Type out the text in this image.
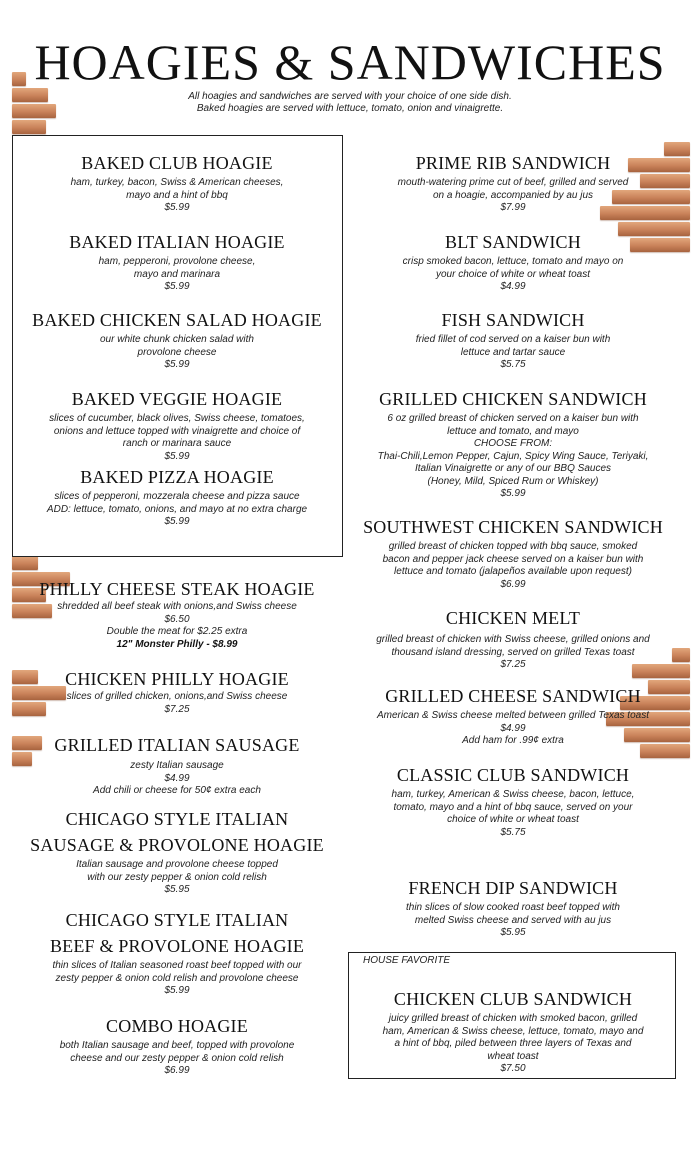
HOAGIES & SANDWICHES
All hoagies and sandwiches are served with your choice of one side dish.
Baked hoagies are served with lettuce, tomato, onion and vinaigrette.
HOUSE FAVORITE
BAKED CLUB HOAGIE
ham, turkey, bacon, Swiss & American cheeses,
mayo and a hint of bbq
$5.99
BAKED ITALIAN HOAGIE
ham, pepperoni, provolone cheese,
mayo and marinara
$5.99
BAKED CHICKEN SALAD HOAGIE
our white chunk chicken salad with
provolone cheese
$5.99
BAKED VEGGIE HOAGIE
slices of cucumber, black olives, Swiss cheese, tomatoes,
onions and lettuce topped with vinaigrette and choice of
ranch or marinara sauce
$5.99
BAKED PIZZA HOAGIE
slices of pepperoni, mozzerala cheese and pizza sauce
ADD: lettuce, tomato, onions, and mayo at no extra charge
$5.99
PHILLY CHEESE STEAK HOAGIE
shredded all beef steak with onions,and Swiss cheese
$6.50
Double the meat for $2.25 extra
12" Monster Philly - $8.99
CHICKEN PHILLY HOAGIE
slices of grilled chicken, onions,and Swiss cheese
$7.25
GRILLED ITALIAN SAUSAGE
zesty Italian sausage
$4.99
Add chili or cheese for 50¢ extra each
CHICAGO STYLE ITALIAN
SAUSAGE & PROVOLONE HOAGIE
Italian sausage and provolone cheese topped
with our zesty pepper & onion cold relish
$5.95
CHICAGO STYLE ITALIAN
BEEF & PROVOLONE HOAGIE
thin slices of Italian seasoned roast beef topped with our
zesty pepper & onion cold relish and provolone cheese
$5.99
COMBO HOAGIE
both Italian sausage and beef, topped with provolone
cheese and our zesty pepper & onion cold relish
$6.99
PRIME RIB SANDWICH
mouth-watering prime cut of beef, grilled and served
on a hoagie, accompanied by au jus
$7.99
BLT SANDWICH
crisp smoked bacon, lettuce, tomato and mayo on
your choice of white or wheat toast
$4.99
FISH SANDWICH
fried fillet of cod served on a kaiser bun with
lettuce and tartar sauce
$5.75
GRILLED CHICKEN SANDWICH
6 oz grilled breast of chicken served on a kaiser bun with
lettuce and tomato, and mayo
CHOOSE FROM:
Thai-Chili,Lemon Pepper, Cajun, Spicy Wing Sauce, Teriyaki,
Italian Vinaigrette or any of our BBQ Sauces
(Honey, Mild, Spiced Rum or Whiskey)
$5.99
SOUTHWEST CHICKEN SANDWICH
grilled breast of chicken topped with bbq sauce, smoked
bacon and pepper jack cheese served on a kaiser bun with
lettuce and tomato (jalapeños available upon request)
$6.99
CHICKEN MELT
grilled breast of chicken with Swiss cheese, grilled onions and
thousand island dressing, served on grilled Texas toast
$7.25
GRILLED CHEESE SANDWICH
American & Swiss cheese melted between grilled Texas toast
$4.99
Add ham for .99¢ extra
CLASSIC CLUB SANDWICH
ham, turkey, American & Swiss cheese, bacon, lettuce,
tomato, mayo and a hint of bbq sauce, served on your
choice of white or wheat toast
$5.75
FRENCH DIP SANDWICH
thin slices of slow cooked roast beef topped with
melted Swiss cheese and served with au jus
$5.95
CHICKEN CLUB SANDWICH
juicy grilled breast of chicken with smoked bacon, grilled
ham, American & Swiss cheese, lettuce, tomato, mayo and
a hint of bbq, piled between three layers of Texas and
wheat toast
$7.50
